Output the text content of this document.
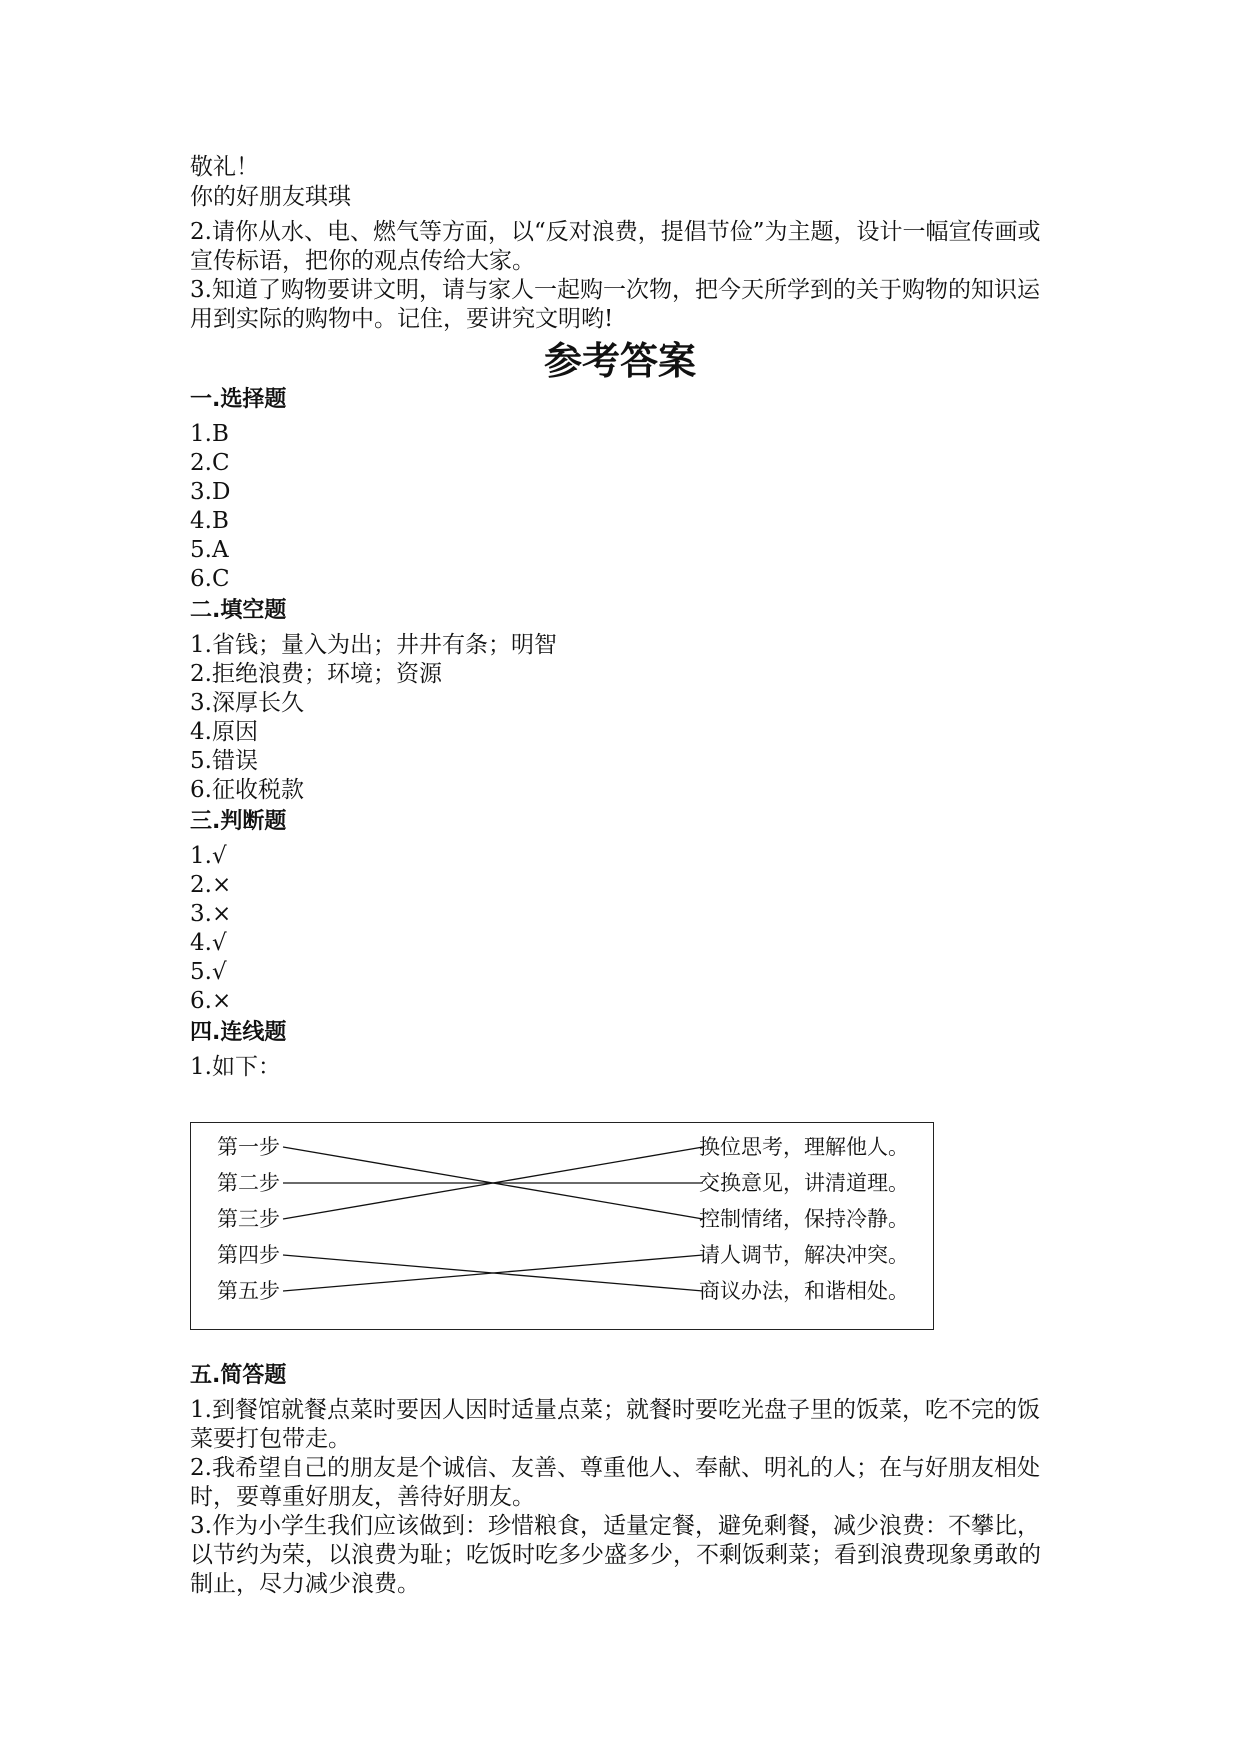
敬礼！
你的好朋友琪琪
2.请你从水、电、燃气等方面，以“反对浪费，提倡节俭”为主题，设计一幅宣传画或宣传标语，把你的观点传给大家。
3.知道了购物要讲文明，请与家人一起购一次物，把今天所学到的关于购物的知识运用到实际的购物中。记住，要讲究文明哟!
参考答案
一.选择题
1.B
2.C
3.D
4.B
5.A
6.C
二.填空题
1.省钱；量入为出；井井有条；明智
2.拒绝浪费；环境；资源
3.深厚长久
4.原因
5.错误
6.征收税款
三.判断题
1.√
2.×
3.×
4.√
5.√
6.×
四.连线题
1.如下：
第一步
第二步
第三步
第四步
第五步
换位思考，理解他人。
交换意见，讲清道理。
控制情绪，保持冷静。
请人调节，解决冲突。
商议办法，和谐相处。
五.简答题
1.到餐馆就餐点菜时要因人因时适量点菜；就餐时要吃光盘子里的饭菜，吃不完的饭菜要打包带走。
2.我希望自己的朋友是个诚信、友善、尊重他人、奉献、明礼的人；在与好朋友相处时，要尊重好朋友，善待好朋友。
3.作为小学生我们应该做到：珍惜粮食，适量定餐，避免剩餐，减少浪费：不攀比，以节约为荣，以浪费为耻；吃饭时吃多少盛多少，不剩饭剩菜；看到浪费现象勇敢的制止，尽力减少浪费。
